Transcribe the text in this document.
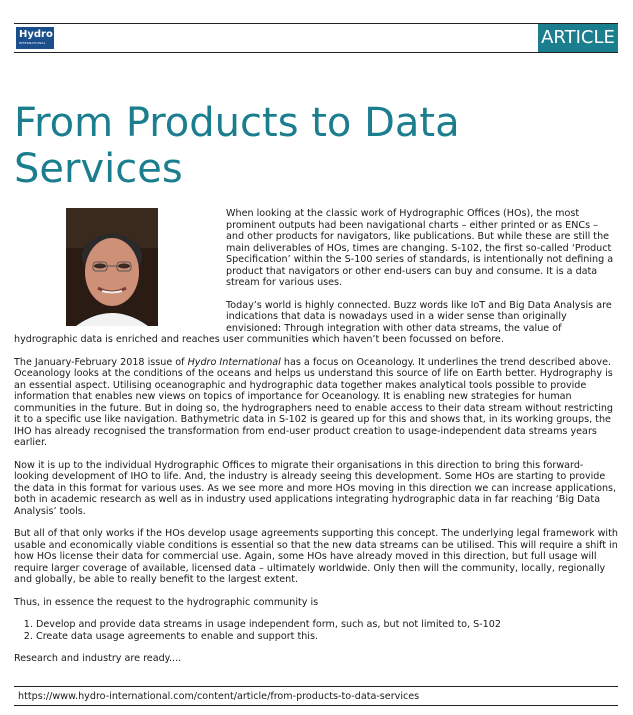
Hydro
INTERNATIONAL	ARTICLE
From Products to Data Services

When looking at the classic work of Hydrographic Offices (HOs), the most prominent outputs had been navigational charts – either printed or as ENCs – and other products for navigators, like publications. But while these are still the main deliverables of HOs, times are changing. S-102, the first so-called ‘Product Specification’ within the S-100 series of standards, is intentionally not defining a product that navigators or other end-users can buy and consume. It is a data stream for various uses.

Today’s world is highly connected. Buzz words like IoT and Big Data Analysis are indications that data is nowadays used in a wider sense than originally envisioned: Through integration with other data streams, the value of hydrographic data is enriched and reaches user communities which haven’t been focussed on before.

The January-February 2018 issue of Hydro International has a focus on Oceanology. It underlines the trend described above. Oceanology looks at the conditions of the oceans and helps us understand this source of life on Earth better. Hydrography is an essential aspect. Utilising oceanographic and hydrographic data together makes analytical tools possible to provide information that enables new views on topics of importance for Oceanology. It is enabling new strategies for human communities in the future. But in doing so, the hydrographers need to enable access to their data stream without restricting it to a specific use like navigation. Bathymetric data in S-102 is geared up for this and shows that, in its working groups, the IHO has already recognised the transformation from end-user product creation to usage-independent data streams years earlier.

Now it is up to the individual Hydrographic Offices to migrate their organisations in this direction to bring this forward-looking development of IHO to life. And, the industry is already seeing this development. Some HOs are starting to provide the data in this format for various uses. As we see more and more HOs moving in this direction we can increase applications, both in academic research as well as in industry used applications integrating hydrographic data in far reaching ‘Big Data Analysis’ tools.

But all of that only works if the HOs develop usage agreements supporting this concept. The underlying legal framework with usable and economically viable conditions is essential so that the new data streams can be utilised. This will require a shift in how HOs license their data for commercial use. Again, some HOs have already moved in this direction, but full usage will require larger coverage of available, licensed data – ultimately worldwide. Only then will the community, locally, regionally and globally, be able to really benefit to the largest extent.

Thus, in essence the request to the hydrographic community is

1. Develop and provide data streams in usage independent form, such as, but not limited to, S-102
2. Create data usage agreements to enable and support this.

Research and industry are ready....

https://www.hydro-international.com/content/article/from-products-to-data-services
